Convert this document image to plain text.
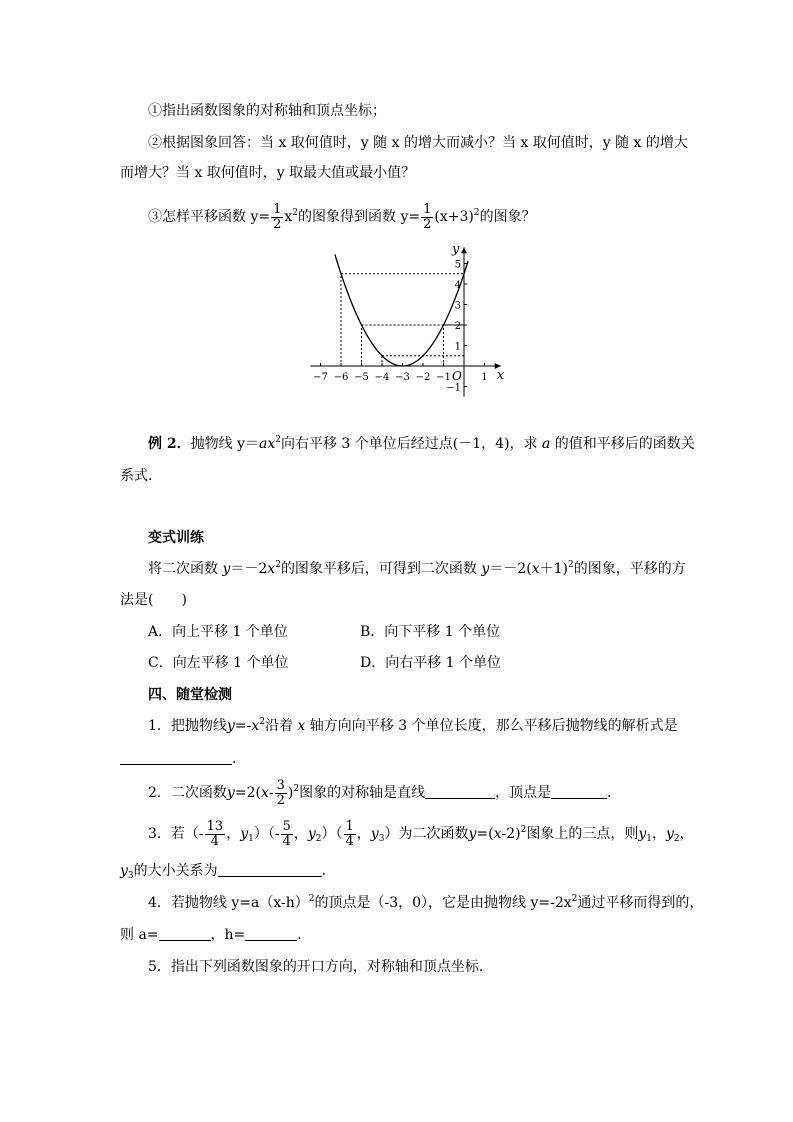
①指出函数图象的对称轴和顶点坐标；
②根据图象回答：当 x 取何值时，y 随 x 的增大而减小？当 x 取何值时，y 随 x 的增大
而增大？当 x 取何值时，y 取最大值或最小值？
③怎样平移函数 $y= \frac{1}{2} x^2$的图象得到函数 $y= \frac{1}{2} (x+3)^2$的图象？
−7 −6 −5 −4 −3 −2 −1	1
5
4
3
2
1
−1
x
y
O
例 2．抛物线 $y=ax^2$向右平移 3 个单位后经过点(－1，4)，求 a 的值和平移后的函数关
系式．
变式训练
将二次函数 $y=-2x^2$的图象平移后，可得到二次函数 $y=-2(x+1)^2$的图象，平移的方
法是(　　)
A．向上平移 1 个单位	B．向下平移 1 个单位
C．向左平移 1 个单位	D．向右平移 1 个单位
四、随堂检测
1．把抛物线$y=-x^2$沿着 x 轴方向向平移 3 个单位长度，那么平移后抛物线的解析式是
．
2．二次函数$y=2(x- \frac{3}{2} )^2$图象的对称轴是直线	，顶点是	．
3．若（- $\frac{13}{4}$ ，$y_1)(- \frac{5}{4}$ ，$y_2)( \frac{1}{4}$ ，$y_3$）为二次函数$y=(x-2)^2$图象上的三点，则$y_1$，$y_2$，
$y_3$的大小关系为	．
4．若抛物线 $y=a(x-h)^2$的顶点是（-3，0），它是由抛物线 $y=-2x^2$通过平移而得到的，
则 a=	，h=	．
5．指出下列函数图象的开口方向，对称轴和顶点坐标．
